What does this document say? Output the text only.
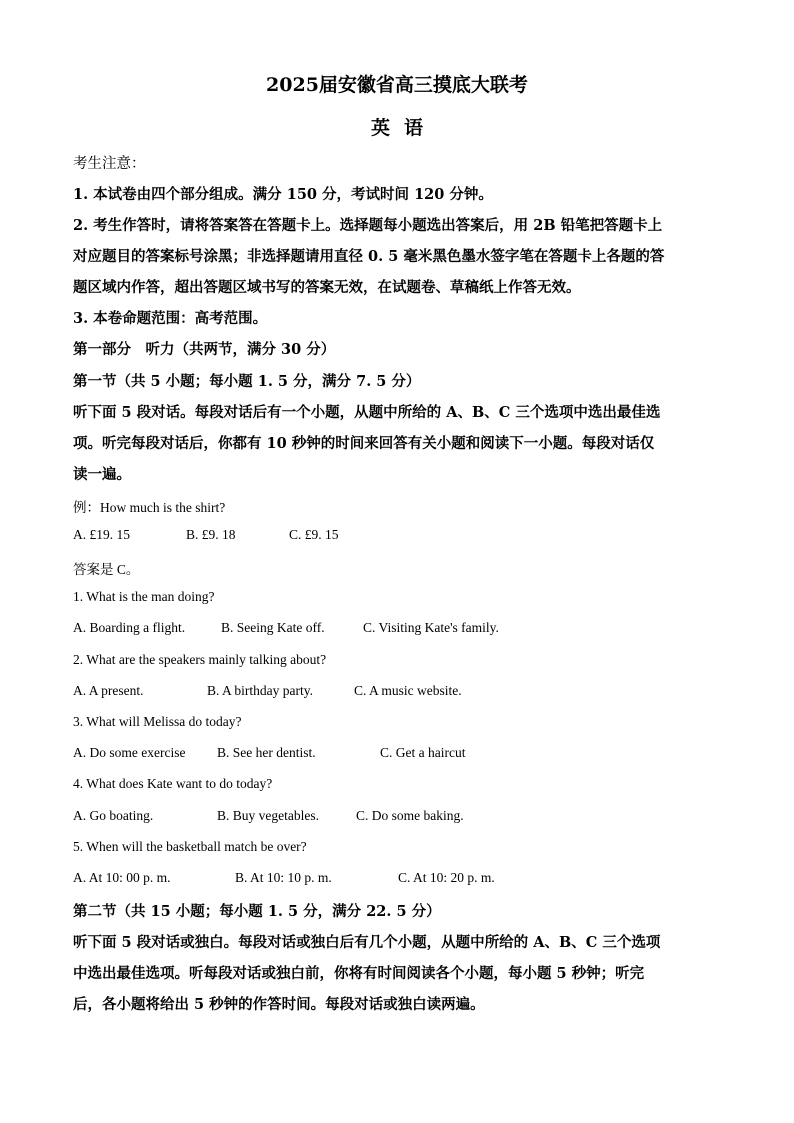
2025届安徽省高三摸底大联考
英语
考生注意：
1. 本试卷由四个部分组成。满分 150 分，考试时间 120 分钟。
2. 考生作答时，请将答案答在答题卡上。选择题每小题选出答案后，用 2B 铅笔把答题卡上
对应题目的答案标号涂黑；非选择题请用直径 0. 5 毫米黑色墨水签字笔在答题卡上各题的答
题区域内作答，超出答题区域书写的答案无效，在试题卷、草稿纸上作答无效。
3. 本卷命题范围：高考范围。
第一部分　听力（共两节，满分 30 分）
第一节（共 5 小题；每小题 1. 5 分，满分 7. 5 分）
听下面 5 段对话。每段对话后有一个小题，从题中所给的 A、B、C 三个选项中选出最佳选
项。听完每段对话后，你都有 10 秒钟的时间来回答有关小题和阅读下一小题。每段对话仅
读一遍。
例：How much is the shirt?
A. £19. 15	B. £9. 18	C. £9. 15
答案是 C。
1. What is the man doing?
A. Boarding a flight.	B. Seeing Kate off.	C. Visiting Kate's family.
2. What are the speakers mainly talking about?
A. A present.	B. A birthday party.	C. A music website.
3. What will Melissa do today?
A. Do some exercise B. See her dentist.	C. Get a haircut
4. What does Kate want to do today?
A. Go boating.	B. Buy vegetables.	C. Do some baking.
5. When will the basketball match be over?
A. At 10: 00 p. m.	B. At 10: 10 p. m.	C. At 10: 20 p. m.
第二节（共 15 小题；每小题 1. 5 分，满分 22. 5 分）
听下面 5 段对话或独白。每段对话或独白后有几个小题，从题中所给的 A、B、C 三个选项
中选出最佳选项。听每段对话或独白前，你将有时间阅读各个小题，每小题 5 秒钟；听完
后，各小题将给出 5 秒钟的作答时间。每段对话或独白读两遍。
